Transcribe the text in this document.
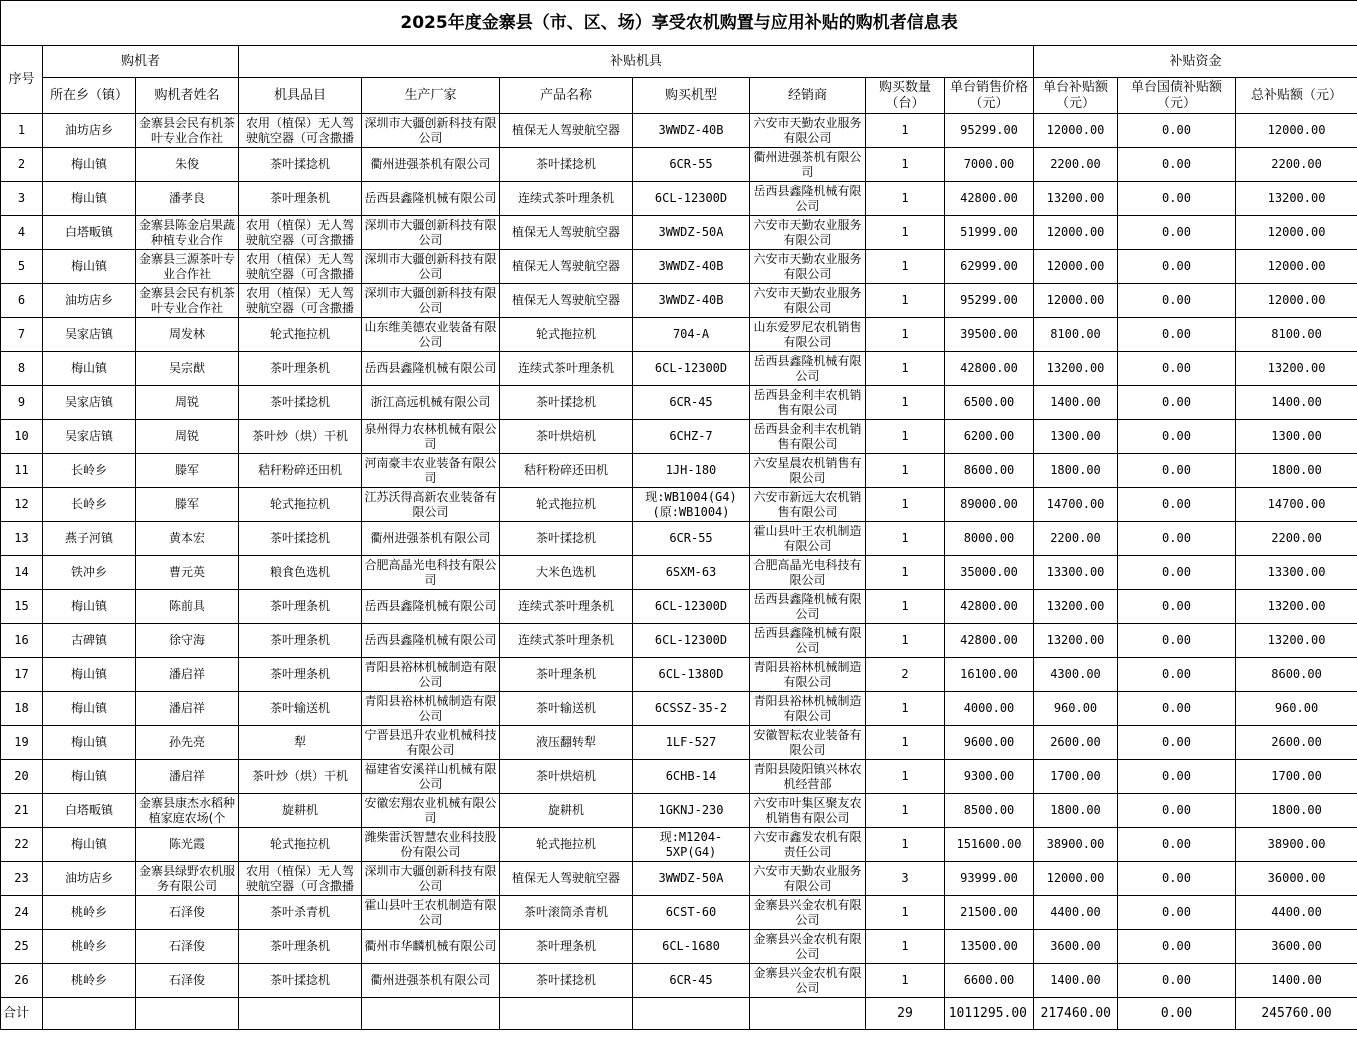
2025年度金寨县（市、区、场）享受农机购置与应用补贴的购机者信息表												
序号	购机者		补贴机具							补贴资金		
	所在乡（镇）	购机者姓名	机具品目	生产厂家	产品名称	购买机型	经销商	购买数量（台）	单台销售价格（元）	单台补贴额（元）	单台国债补贴额（元）	总补贴额（元）

1	油坊店乡	金寨县会民有机茶叶专业合作社	农用（植保）无人驾驶航空器（可含撒播	深圳市大疆创新科技有限公司	植保无人驾驶航空器	3WWDZ-40B	六安市天勤农业服务有限公司	1	95299.00	12000.00	0.00	12000.00

2	梅山镇	朱俊	茶叶揉捻机	衢州进强茶机有限公司	茶叶揉捻机	6CR-55	衢州进强茶机有限公司	1	7000.00	2200.00	0.00	2200.00

3	梅山镇	潘孝良	茶叶理条机	岳西县鑫隆机械有限公司	连续式茶叶理条机	6CL-12300D	岳西县鑫隆机械有限公司	1	42800.00	13200.00	0.00	13200.00

4	白塔畈镇	金寨县陈金启果蔬种植专业合作	农用（植保）无人驾驶航空器（可含撒播	深圳市大疆创新科技有限公司	植保无人驾驶航空器	3WWDZ-50A	六安市天勤农业服务有限公司	1	51999.00	12000.00	0.00	12000.00

5	梅山镇	金寨县三源茶叶专业合作社	农用（植保）无人驾驶航空器（可含撒播	深圳市大疆创新科技有限公司	植保无人驾驶航空器	3WWDZ-40B	六安市天勤农业服务有限公司	1	62999.00	12000.00	0.00	12000.00

6	油坊店乡	金寨县会民有机茶叶专业合作社	农用（植保）无人驾驶航空器（可含撒播	深圳市大疆创新科技有限公司	植保无人驾驶航空器	3WWDZ-40B	六安市天勤农业服务有限公司	1	95299.00	12000.00	0.00	12000.00

7	吴家店镇	周发林	轮式拖拉机	山东维美德农业装备有限公司	轮式拖拉机	704-A	山东爱罗尼农机销售有限公司	1	39500.00	8100.00	0.00	8100.00

8	梅山镇	吴宗猷	茶叶理条机	岳西县鑫隆机械有限公司	连续式茶叶理条机	6CL-12300D	岳西县鑫隆机械有限公司	1	42800.00	13200.00	0.00	13200.00

9	吴家店镇	周锐	茶叶揉捻机	浙江高远机械有限公司	茶叶揉捻机	6CR-45	岳西县金利丰农机销售有限公司	1	6500.00	1400.00	0.00	1400.00

10	吴家店镇	周锐	茶叶炒（烘）干机	泉州得力农林机械有限公司	茶叶烘焙机	6CHZ-7	岳西县金利丰农机销售有限公司	1	6200.00	1300.00	0.00	1300.00

11	长岭乡	滕军	秸秆粉碎还田机	河南豪丰农业装备有限公司	秸秆粉碎还田机	1JH-180	六安星晨农机销售有限公司	1	8600.00	1800.00	0.00	1800.00

12	长岭乡	滕军	轮式拖拉机	江苏沃得高新农业装备有限公司	轮式拖拉机	现:WB1004(G4)(原:WB1004)	六安市新远大农机销售有限公司	1	89000.00	14700.00	0.00	14700.00

13	燕子河镇	黄本宏	茶叶揉捻机	衢州进强茶机有限公司	茶叶揉捻机	6CR-55	霍山县叶王农机制造有限公司	1	8000.00	2200.00	0.00	2200.00

14	铁冲乡	曹元英	粮食色选机	合肥高晶光电科技有限公司	大米色选机	6SXM-63	合肥高晶光电科技有限公司	1	35000.00	13300.00	0.00	13300.00

15	梅山镇	陈前具	茶叶理条机	岳西县鑫隆机械有限公司	连续式茶叶理条机	6CL-12300D	岳西县鑫隆机械有限公司	1	42800.00	13200.00	0.00	13200.00

16	古碑镇	徐守海	茶叶理条机	岳西县鑫隆机械有限公司	连续式茶叶理条机	6CL-12300D	岳西县鑫隆机械有限公司	1	42800.00	13200.00	0.00	13200.00

17	梅山镇	潘启祥	茶叶理条机	青阳县裕林机械制造有限公司	茶叶理条机	6CL-1380D	青阳县裕林机械制造有限公司	2	16100.00	4300.00	0.00	8600.00

18	梅山镇	潘启祥	茶叶输送机	青阳县裕林机械制造有限公司	茶叶输送机	6CSSZ-35-2	青阳县裕林机械制造有限公司	1	4000.00	960.00	0.00	960.00

19	梅山镇	孙先亮	犁	宁晋县迅升农业机械科技有限公司	液压翻转犁	1LF-527	安徽智耘农业装备有限公司	1	9600.00	2600.00	0.00	2600.00

20	梅山镇	潘启祥	茶叶炒（烘）干机	福建省安溪祥山机械有限公司	茶叶烘焙机	6CHB-14	青阳县陵阳镇兴林农机经营部	1	9300.00	1700.00	0.00	1700.00

21	白塔畈镇	金寨县康杰水稻种植家庭农场(个	旋耕机	安徽宏翔农业机械有限公司	旋耕机	1GKNJ-230	六安市叶集区聚友农机销售有限公司	1	8500.00	1800.00	0.00	1800.00

22	梅山镇	陈光霞	轮式拖拉机	潍柴雷沃智慧农业科技股份有限公司	轮式拖拉机	现:M1204-5XP(G4)	六安市鑫发农机有限责任公司	1	151600.00	38900.00	0.00	38900.00

23	油坊店乡	金寨县绿野农机服务有限公司	农用（植保）无人驾驶航空器（可含撒播	深圳市大疆创新科技有限公司	植保无人驾驶航空器	3WWDZ-50A	六安市天勤农业服务有限公司	3	93999.00	12000.00	0.00	36000.00

24	桃岭乡	石泽俊	茶叶杀青机	霍山县叶王农机制造有限公司	茶叶滚筒杀青机	6CST-60	金寨县兴金农机有限公司	1	21500.00	4400.00	0.00	4400.00

25	桃岭乡	石泽俊	茶叶理条机	衢州市华麟机械有限公司	茶叶理条机	6CL-1680	金寨县兴金农机有限公司	1	13500.00	3600.00	0.00	3600.00

26	桃岭乡	石泽俊	茶叶揉捻机	衢州进强茶机有限公司	茶叶揉捻机	6CR-45	金寨县兴金农机有限公司	1	6600.00	1400.00	0.00	1400.00

合计								29	1011295.00	217460.00	0.00	245760.00
